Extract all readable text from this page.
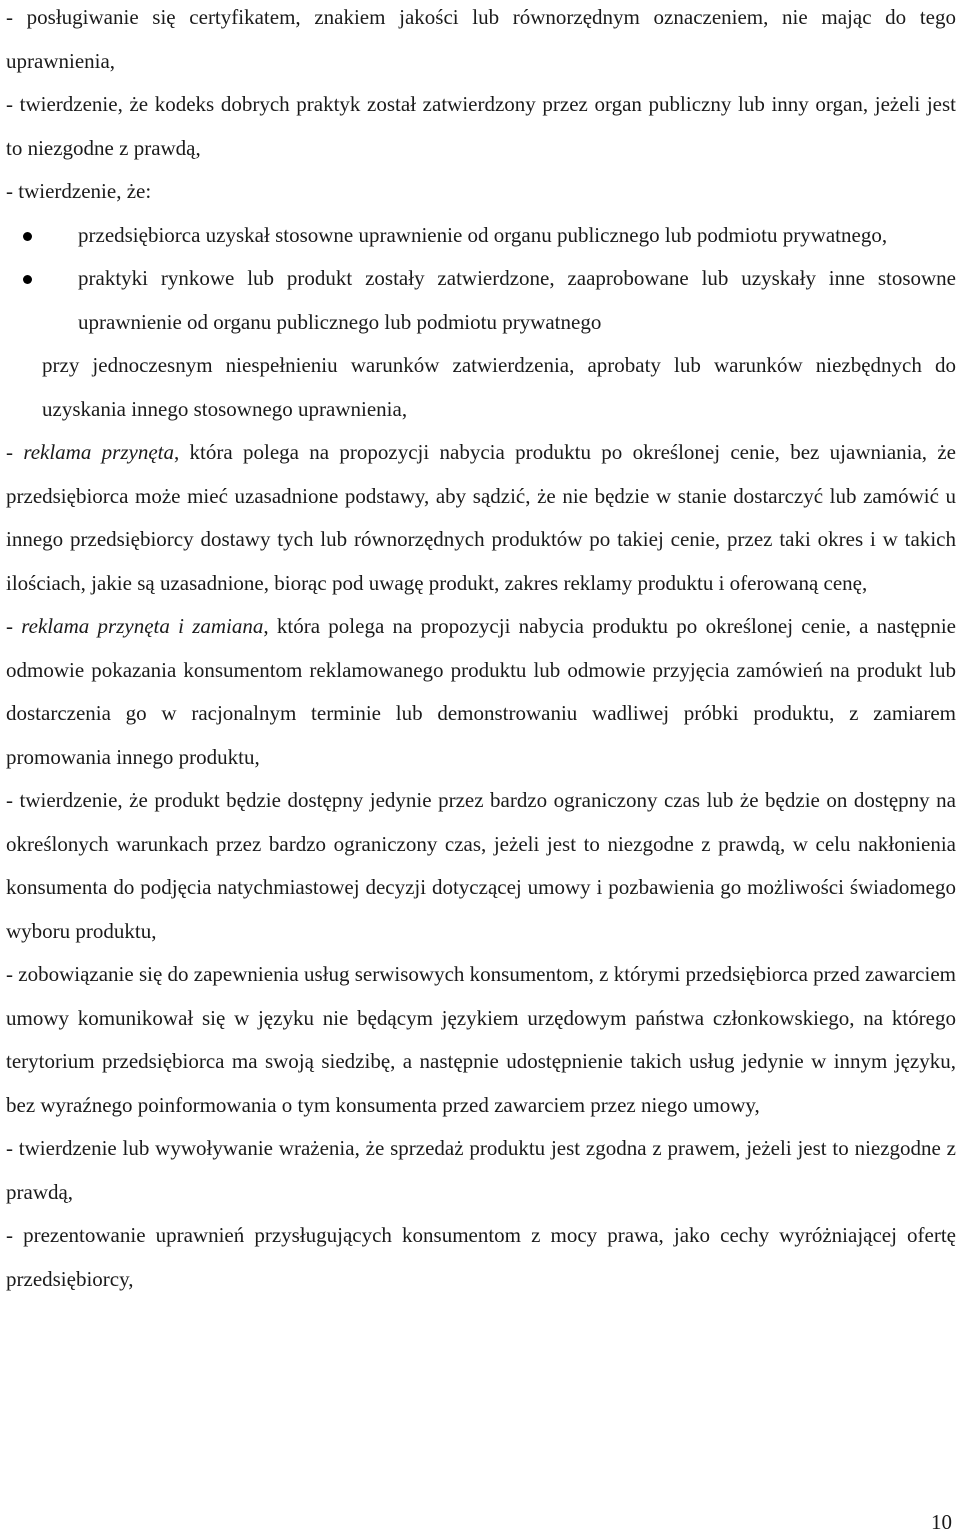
- posługiwanie się certyfikatem, znakiem jakości lub równorzędnym oznaczeniem, nie mając do tego uprawnienia,

- twierdzenie, że kodeks dobrych praktyk został zatwierdzony przez organ publiczny lub inny organ, jeżeli jest to niezgodne z prawdą,

- twierdzenie, że:

przedsiębiorca uzyskał stosowne uprawnienie od organu publicznego lub podmiotu prywatnego,
praktyki rynkowe lub produkt zostały zatwierdzone, zaaprobowane lub uzyskały inne stosowne uprawnienie od organu publicznego lub podmiotu prywatnego

przy jednoczesnym niespełnieniu warunków zatwierdzenia, aprobaty lub warunków niezbędnych do uzyskania innego stosownego uprawnienia,

- reklama przynęta, która polega na propozycji nabycia produktu po określonej cenie, bez ujawniania, że przedsiębiorca może mieć uzasadnione podstawy, aby sądzić, że nie będzie w stanie dostarczyć lub zamówić u innego przedsiębiorcy dostawy tych lub równorzędnych produktów po takiej cenie, przez taki okres i w takich ilościach, jakie są uzasadnione, biorąc pod uwagę produkt, zakres reklamy produktu i oferowaną cenę,

- reklama przynęta i zamiana, która polega na propozycji nabycia produktu po określonej cenie, a następnie odmowie pokazania konsumentom reklamowanego produktu lub odmowie przyjęcia zamówień na produkt lub dostarczenia go w racjonalnym terminie lub demonstrowaniu wadliwej próbki produktu, z zamiarem promowania innego produktu,

- twierdzenie, że produkt będzie dostępny jedynie przez bardzo ograniczony czas lub że będzie on dostępny na określonych warunkach przez bardzo ograniczony czas, jeżeli jest to niezgodne z prawdą, w celu nakłonienia konsumenta do podjęcia natychmiastowej decyzji dotyczącej umowy i pozbawienia go możliwości świadomego wyboru produktu,

- zobowiązanie się do zapewnienia usług serwisowych konsumentom, z którymi przedsiębiorca przed zawarciem umowy komunikował się w języku nie będącym językiem urzędowym państwa członkowskiego, na którego terytorium przedsiębiorca ma swoją siedzibę, a następnie udostępnienie takich usług jedynie w innym języku, bez wyraźnego poinformowania o tym konsumenta przed zawarciem przez niego umowy,

- twierdzenie lub wywoływanie wrażenia, że sprzedaż produktu jest zgodna z prawem, jeżeli jest to niezgodne z prawdą,

- prezentowanie uprawnień przysługujących konsumentom z mocy prawa, jako cechy wyróżniającej ofertę przedsiębiorcy,

10
